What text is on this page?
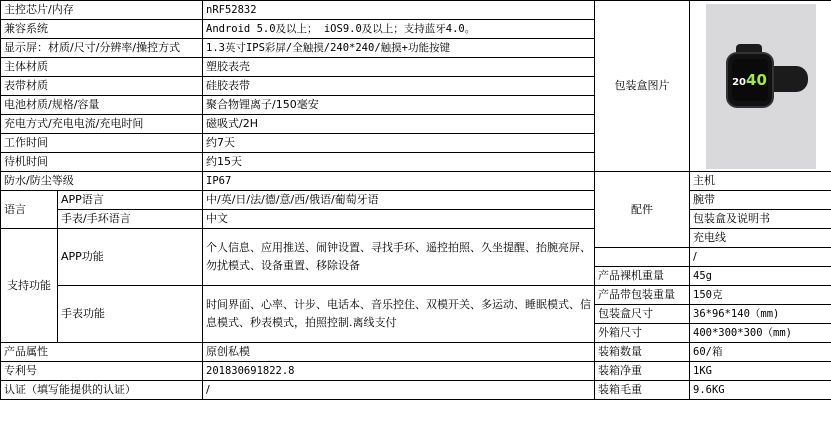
主控芯片/内存		nRF52832	包装盒图片	2040

兼容系统		Android 5.0及以上； iOS9.0及以上；支持蓝牙4.0。		
显示屏：材质/尺寸/分辨率/操控方式		1.3英寸IPS彩屏/全触摸/240*240/触摸+功能按键		
主体材质		塑胶表壳		
表带材质		硅胶表带		
电池材质/规格/容量		聚合物锂离子/150毫安		
充电方式/充电电流/充电时间		磁吸式/2H		
工作时间		约7天		
待机时间		约15天		
防水/防尘等级		IP67	配件	主机
语言	APP语言	中/英/日/法/德/意/西/俄语/葡萄牙语		腕带
	手表/手环语言	中文		包装盒及说明书
支持功能	APP功能	个人信息、应用推送、闹钟设置、寻找手环、遥控拍照、久坐提醒、抬腕亮屏、勿扰模式、设备重置、移除设备		充电线
				/
			产品裸机重量	45g
	手表功能	时间界面、心率、计步、电话本、音乐控住、双模开关、多运动、睡眠模式、信息模式、秒表模式，拍照控制.离线支付	产品带包装重量	150克
			包装盒尺寸	36*96*140（mm)
			外箱尺寸	400*300*300（mm)
产品属性		原创私模	装箱数量	60/箱
专利号		201830691822.8	装箱净重	1KG
认证（填写能提供的认证）		/	装箱毛重	9.6KG
